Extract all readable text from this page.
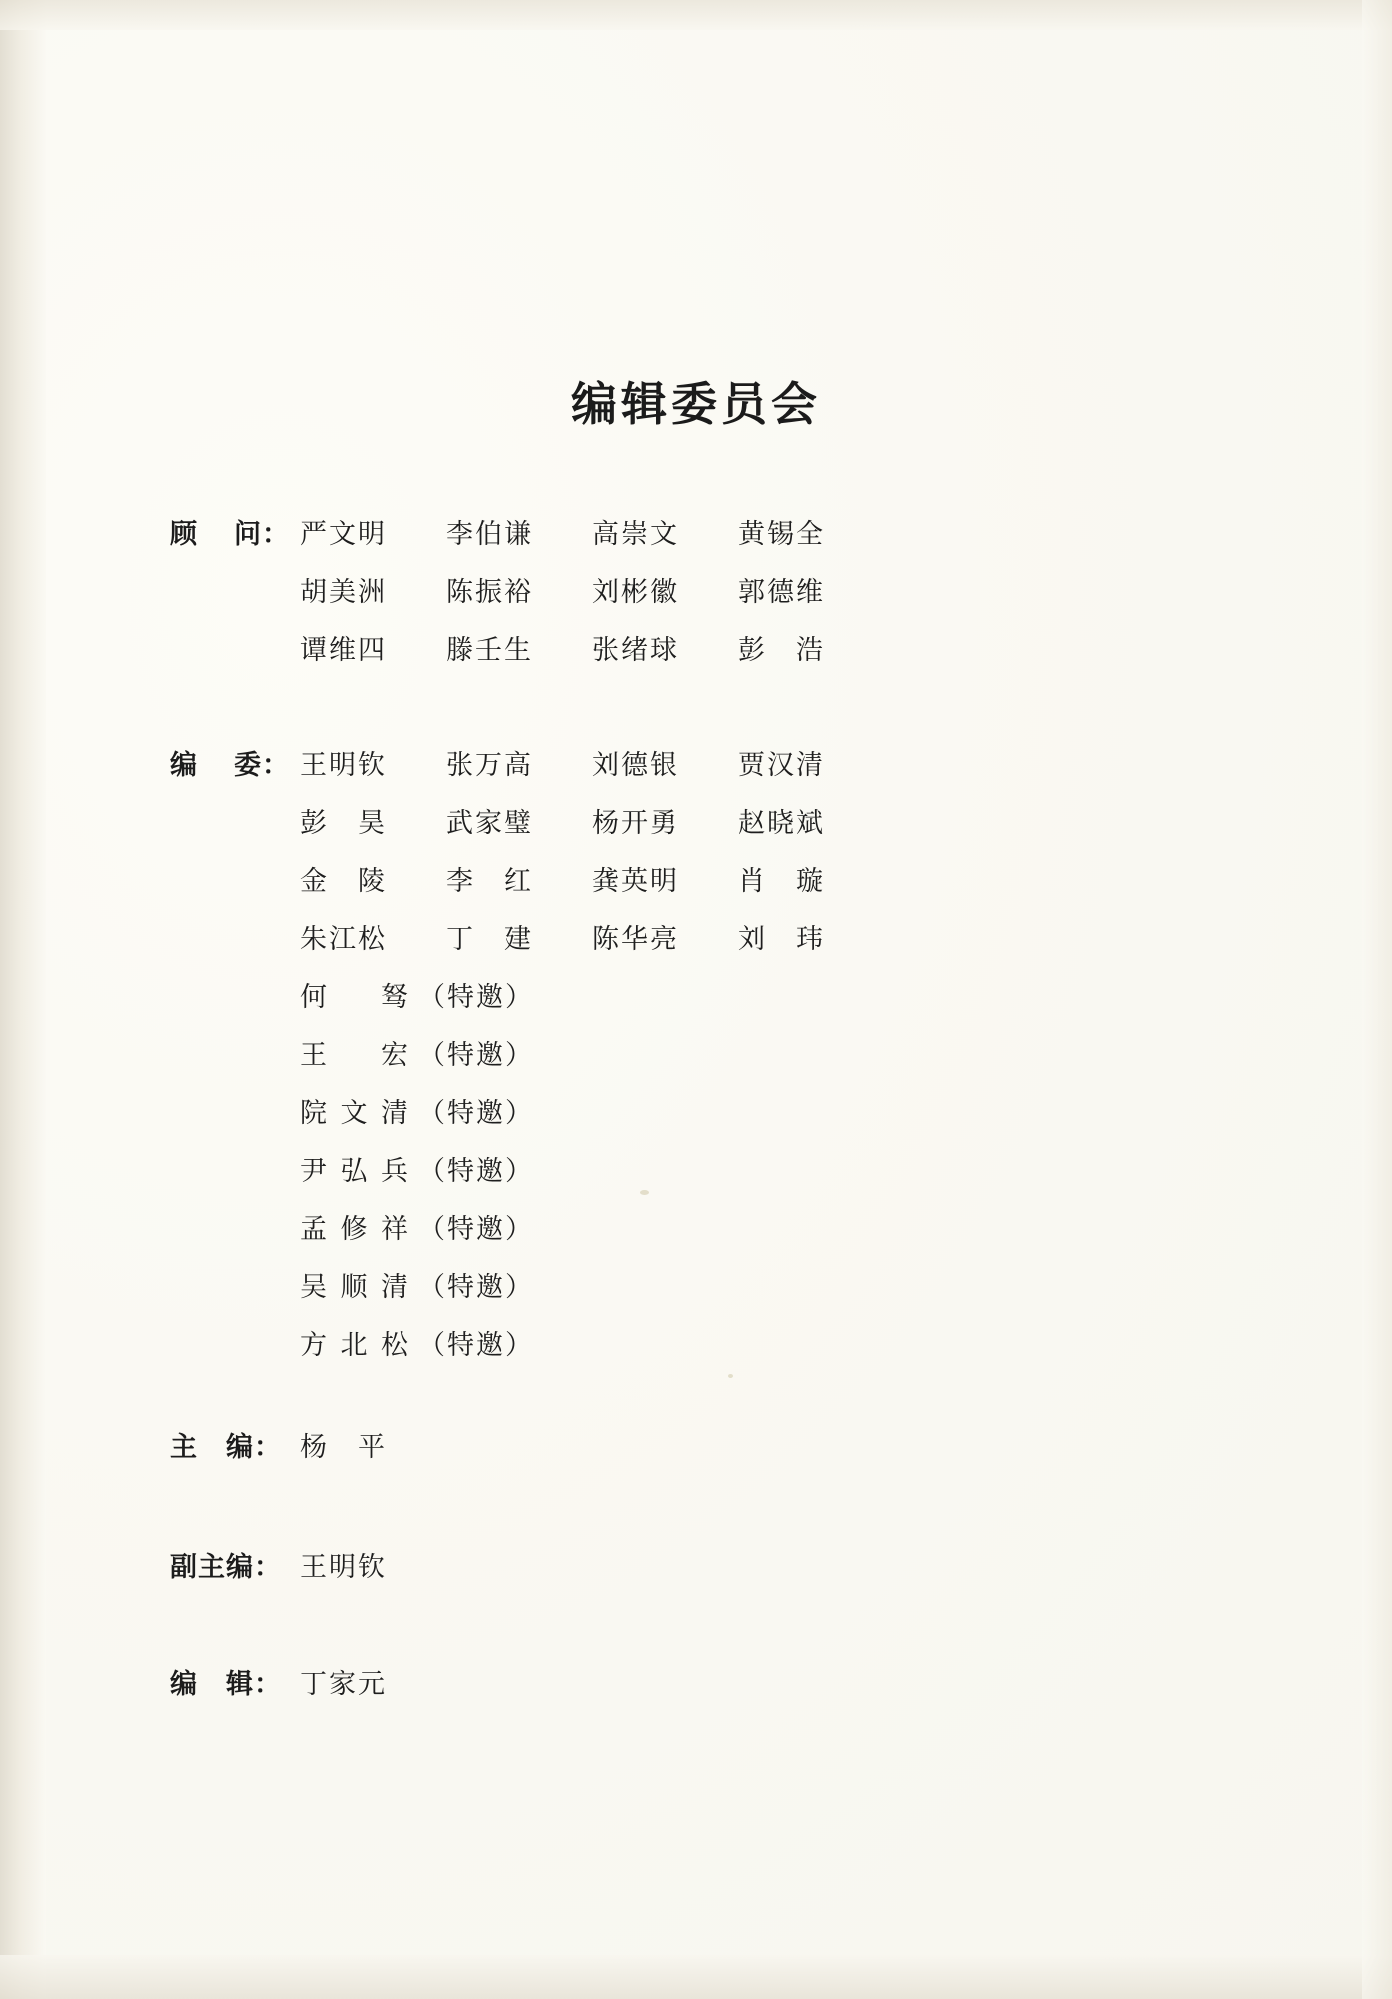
编辑委员会
顾问： 严文明	李伯谦	高崇文	黄锡全
胡美洲	陈振裕	刘彬徽	郭德维
谭维四	滕壬生	张绪球	彭　浩
编委： 王明钦	张万高	刘德银	贾汉清
彭　昊	武家璧	杨开勇	赵晓斌
金　陵	李　红	龚英明	肖　璇
朱江松	丁　建	陈华亮	刘　玮
何　驽 （特邀）
王　宏 （特邀）
院文清 （特邀）
尹弘兵 （特邀）
孟修祥 （特邀）
吴顺清 （特邀）
方北松 （特邀）
主　编： 杨　平
副主编： 王明钦
编　辑： 丁家元
